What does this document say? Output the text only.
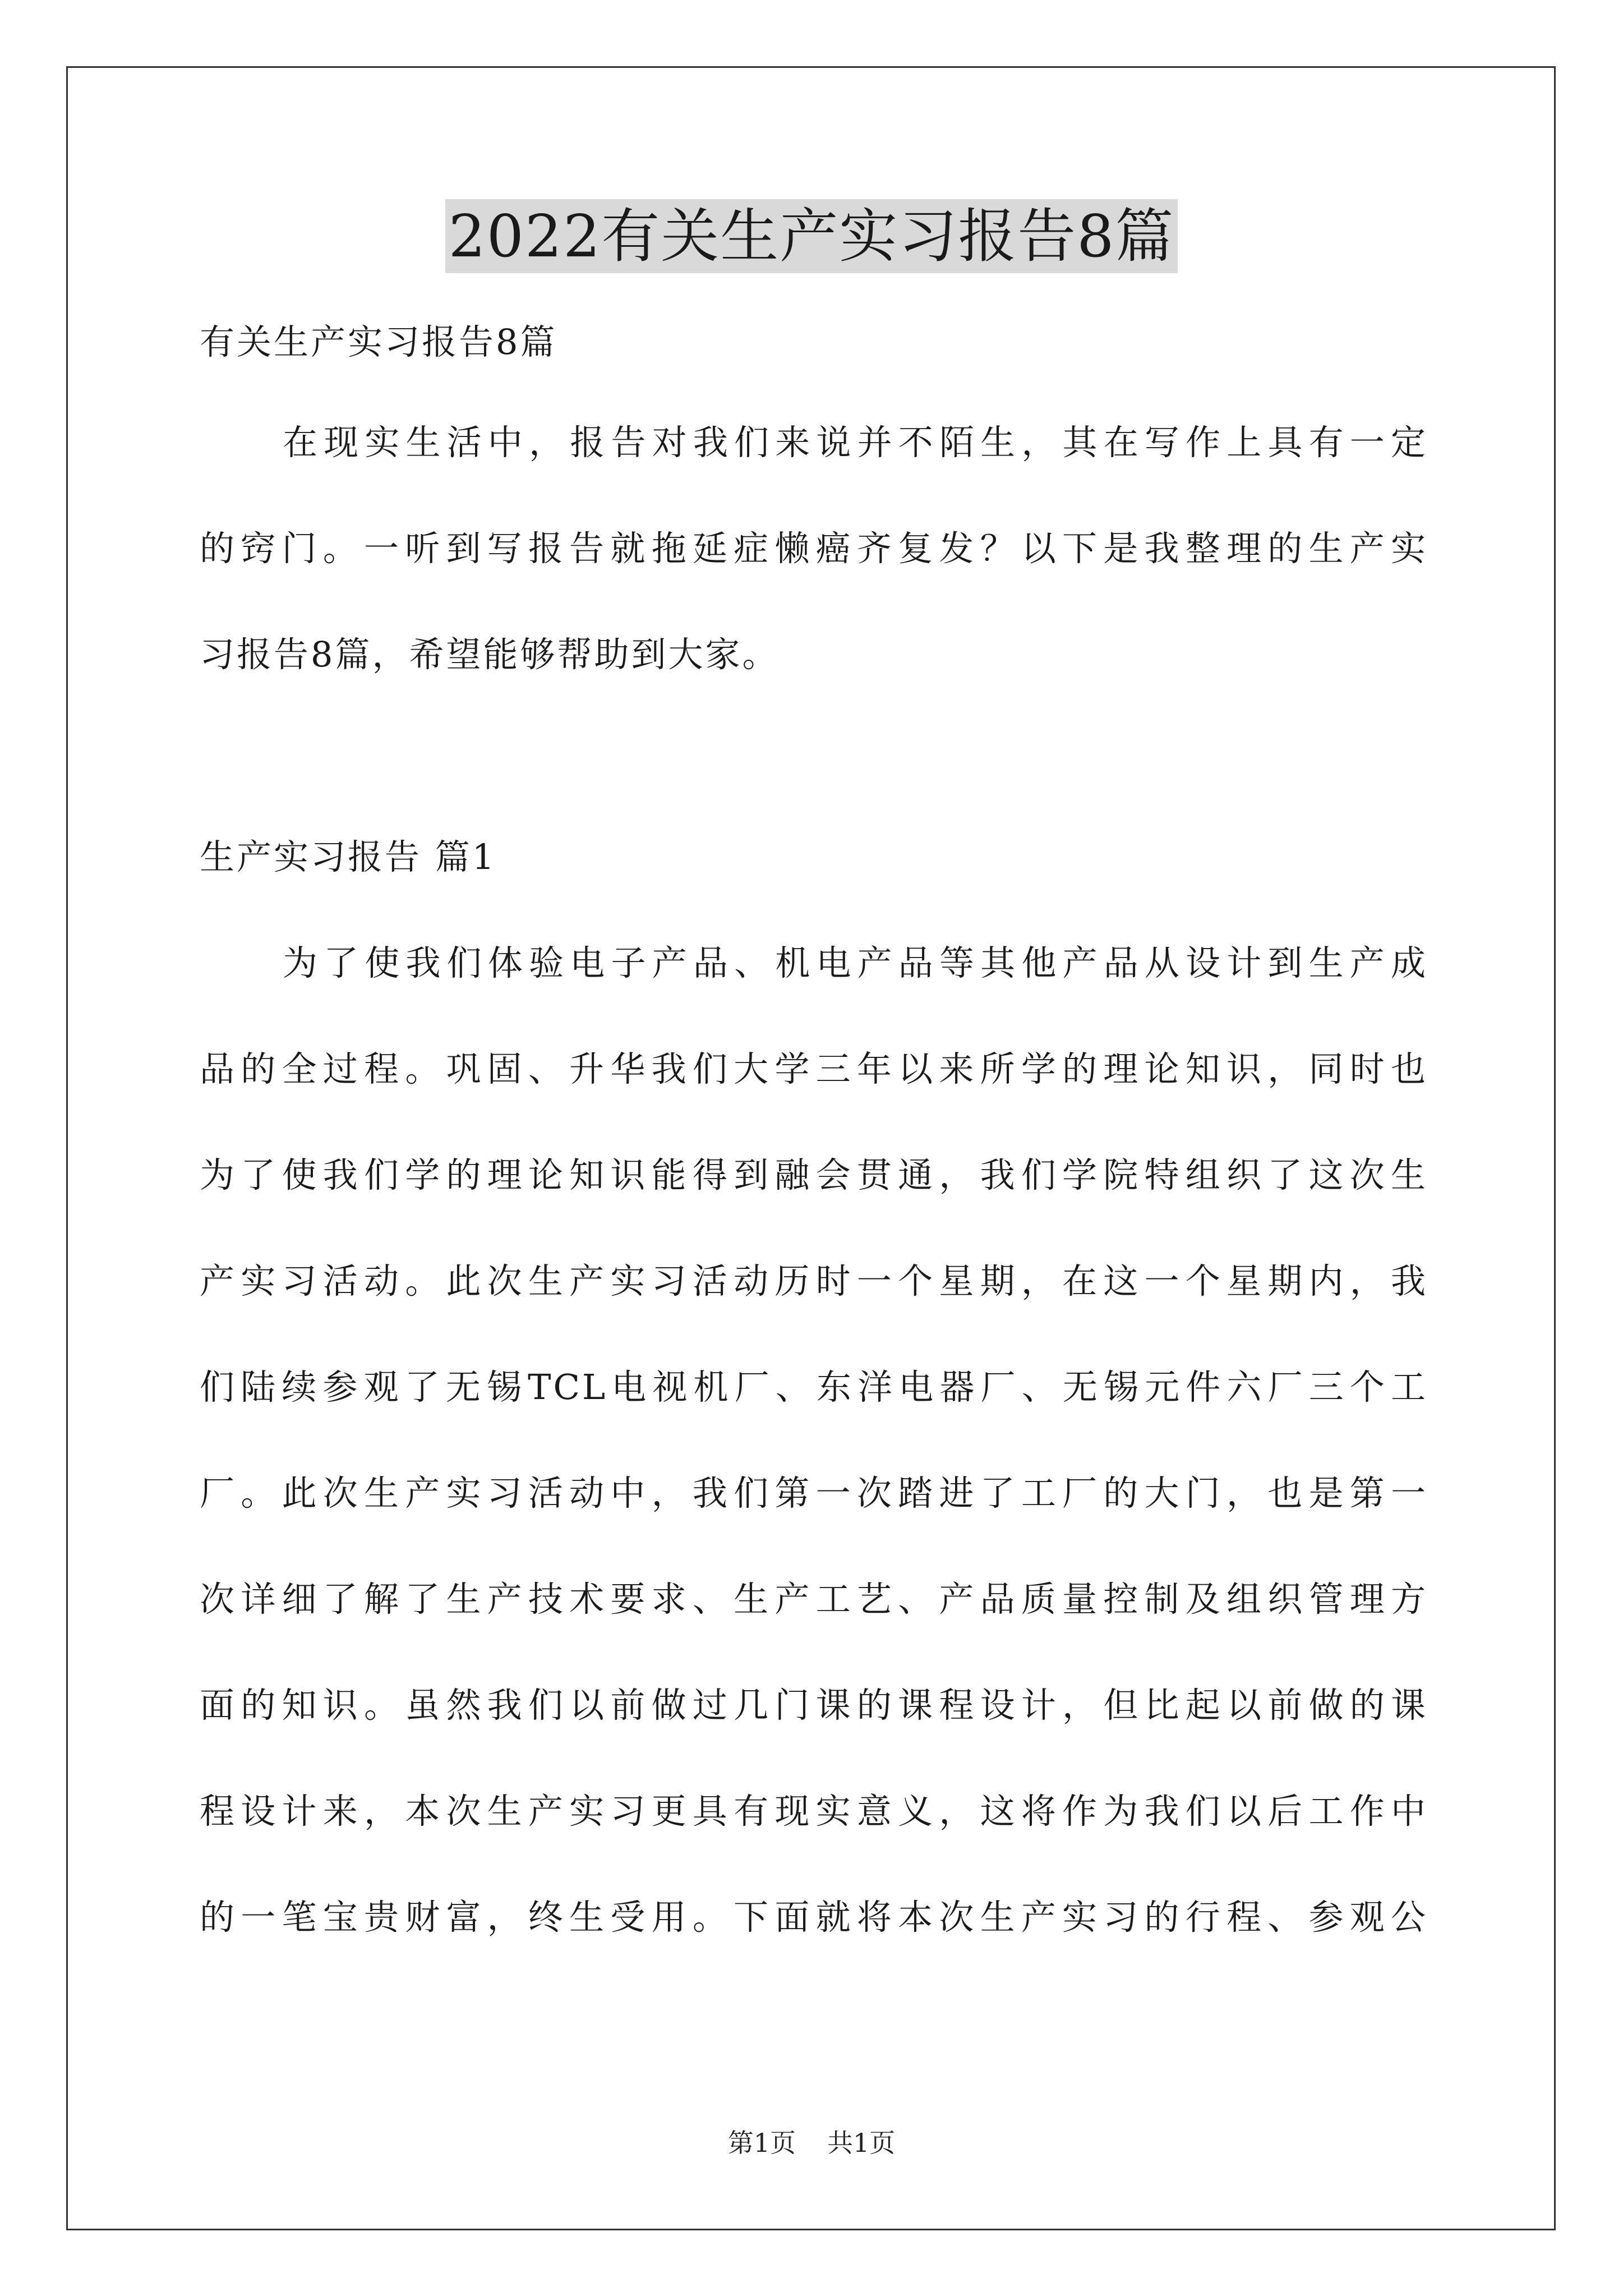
2022有关生产实习报告8篇

有关生产实习报告8篇

在现实生活中，报告对我们来说并不陌生，其在写作上具有一定

的窍门。一听到写报告就拖延症懒癌齐复发？以下是我整理的生产实

习报告8篇，希望能够帮助到大家。

生产实习报告 篇1

为了使我们体验电子产品、机电产品等其他产品从设计到生产成

品的全过程。巩固、升华我们大学三年以来所学的理论知识，同时也

为了使我们学的理论知识能得到融会贯通，我们学院特组织了这次生

产实习活动。此次生产实习活动历时一个星期，在这一个星期内，我

们陆续参观了无锡TCL电视机厂、东洋电器厂、无锡元件六厂三个工

厂。此次生产实习活动中，我们第一次踏进了工厂的大门，也是第一

次详细了解了生产技术要求、生产工艺、产品质量控制及组织管理方

面的知识。虽然我们以前做过几门课的课程设计，但比起以前做的课

程设计来，本次生产实习更具有现实意义，这将作为我们以后工作中

的一笔宝贵财富，终生受用。下面就将本次生产实习的行程、参观公

第1页 共1页
